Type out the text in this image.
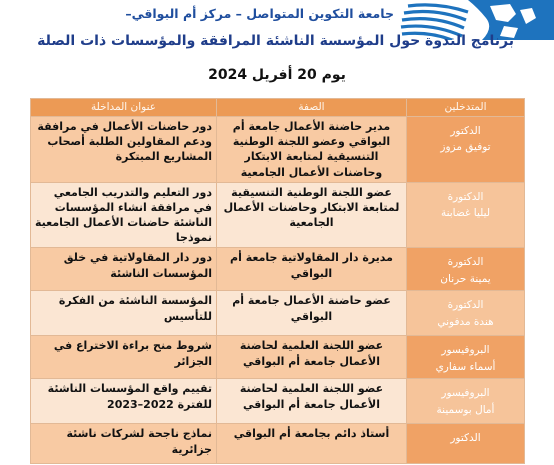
جامعة التكوين المتواصل – مركز أم البواقي–
برنامج الندوة حول المؤسسة الناشئة المرافقة والمؤسسات ذات الصلة
يوم 20 أفريل 2024
المتدخلين	الصفة	عنوان المداخلة

الدكتور
توفيق مزوز	مدير حاضنة الأعمال جامعة أم البواقي وعضو اللجنة الوطنية التنسيقية لمتابعة الابتكار وحاضنات الأعمال الجامعية	دور حاضنات الأعمال في مرافقة ودعم المقاولين الطلبة أصحاب المشاريع المبتكرة

الدكتورة
ليليا غضابنة	عضو اللجنة الوطنية التنسيقية لمتابعة الابتكار وحاضنات الأعمال الجامعية	دور التعليم والتدريب الجامعي في مرافقة انشاء المؤسسات الناشئة حاضنات الأعمال الجامعية نموذجا

الدكتورة
يمينة حرنان	مديرة دار المقاولاتية جامعة أم البواقي	دور دار المقاولاتية في خلق المؤسسات الناشئة

الدكتورة
هندة مدفوني	عضو حاضنة الأعمال جامعة أم البواقي	المؤسسة الناشئة من الفكرة للتأسيس

البروفيسور
أسماء سفاري	عضو اللجنة العلمية لحاضنة الأعمال جامعة أم البواقي	شروط منح براءة الاختراع في الجزائر

البروفيسور
أمال بوسمينة	عضو اللجنة العلمية لحاضنة الأعمال جامعة أم البواقي	تقييم واقع المؤسسات الناشئة للفترة 2022–2023

الدكتور	أستاذ دائم بجامعة أم البواقي	نماذج ناجحة لشركات ناشئة جزائرية
